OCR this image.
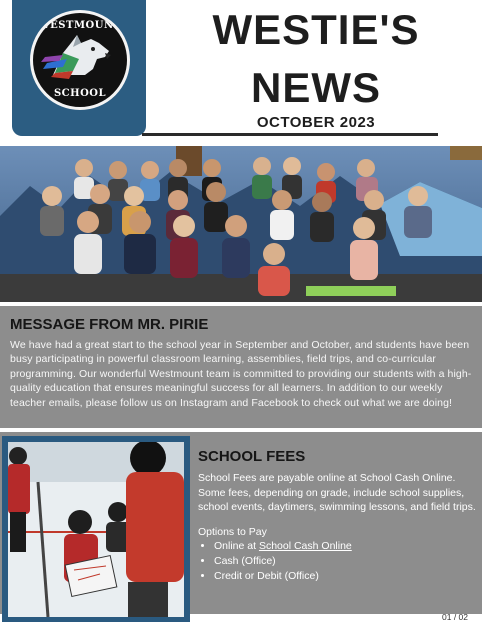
WESTMOUNT
SCHOOL
WESTIE'S
NEWS
OCTOBER 2023
MESSAGE FROM MR. PIRIE

We have had a great start to the school year in September and October, and students have been busy participating in powerful classroom learning, assemblies, field trips, and co-curricular programming. Our wonderful Westmount team is committed to providing our students with a high-quality education that ensures meaningful success for all learners. In addition to our weekly teacher emails, please follow us on Instagram and Facebook to check out what we are doing!

SCHOOL FEES

School Fees are payable online at School Cash Online. Some fees, depending on grade, include school supplies, school events, daytimers, swimming lessons, and field trips.

Options to Pay

• Online at School Cash Online
• Cash (Office)
• Credit or Debit (Office)
01 / 02
